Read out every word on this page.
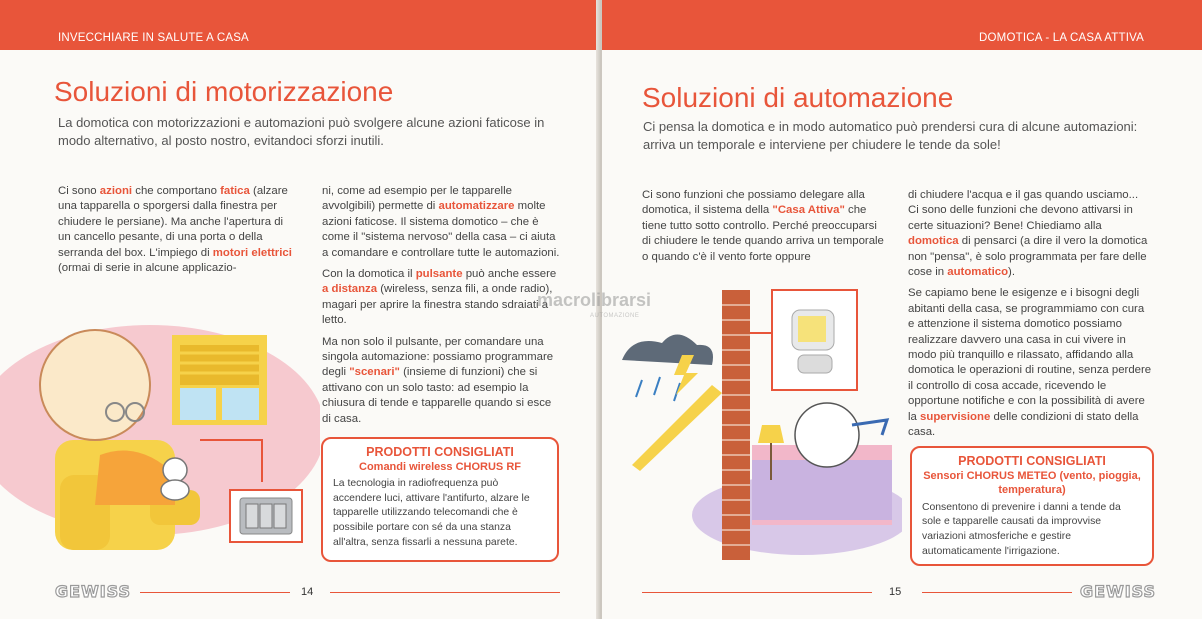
INVECCHIARE IN SALUTE A CASA
Soluzioni di motorizzazione
La domotica con motorizzazioni e automazioni può svolgere alcune azioni faticose in modo alternativo, al posto nostro, evitandoci sforzi inutili.

Ci sono azioni che comportano fatica (alzare una tapparella o sporgersi dalla finestra per chiudere le persiane). Ma anche l'apertura di un cancello pesante, di una porta o della serranda del box. L'impiego di motori elettrici (ormai di serie in alcune applicazio-

ni, come ad esempio per le tapparelle avvolgibili) permette di automatizzare molte azioni faticose. Il sistema domotico – che è come il "sistema nervoso" della casa – ci aiuta a comandare e controllare tutte le automazioni.

Con la domotica il pulsante può anche essere a distanza (wireless, senza fili, a onde radio), magari per aprire la finestra stando sdraiati a letto.

Ma non solo il pulsante, per comandare una singola automazione: possiamo programmare degli "scenari" (insieme di funzioni) che si attivano con un solo tasto: ad esempio la chiusura di tende e tapparelle quando si esce di casa.

PRODOTTI CONSIGLIATI
Comandi wireless CHORUS RF
La tecnologia in radiofrequenza può accendere luci, attivare l'antifurto, alzare le tapparelle utilizzando telecomandi che è possibile portare con sé da una stanza all'altra, senza fissarli a nessuna parete.
GEWISS	14
DOMOTICA - LA CASA ATTIVA
Soluzioni di automazione
Ci pensa la domotica e in modo automatico può prendersi cura di alcune automazioni: arriva un temporale e interviene per chiudere le tende da sole!

Ci sono funzioni che possiamo delegare alla domotica, il sistema della "Casa Attiva" che tiene tutto sotto controllo. Perché preoccuparsi di chiudere le tende quando arriva un temporale o quando c'è il vento forte oppure

di chiudere l'acqua e il gas quando usciamo... Ci sono delle funzioni che devono attivarsi in certe situazioni? Bene! Chiediamo alla domotica di pensarci (a dire il vero la domotica non "pensa", è solo programmata per fare delle cose in automatico).

Se capiamo bene le esigenze e i bisogni degli abitanti della casa, se programmiamo con cura e attenzione il sistema domotico possiamo realizzare davvero una casa in cui vivere in modo più tranquillo e rilassato, affidando alla domotica le operazioni di routine, senza perdere il controllo di cosa accade, ricevendo le opportune notifiche e con la possibilità di avere la supervisione delle condizioni di stato della casa.

PRODOTTI CONSIGLIATI
Sensori CHORUS METEO (vento, pioggia, temperatura)
Consentono di prevenire i danni a tende da sole e tapparelle causati da improvvise variazioni atmosferiche e gestire automaticamente l'irrigazione.
15	GEWISS
macrolibrarsi
AUTOMAZIONE
